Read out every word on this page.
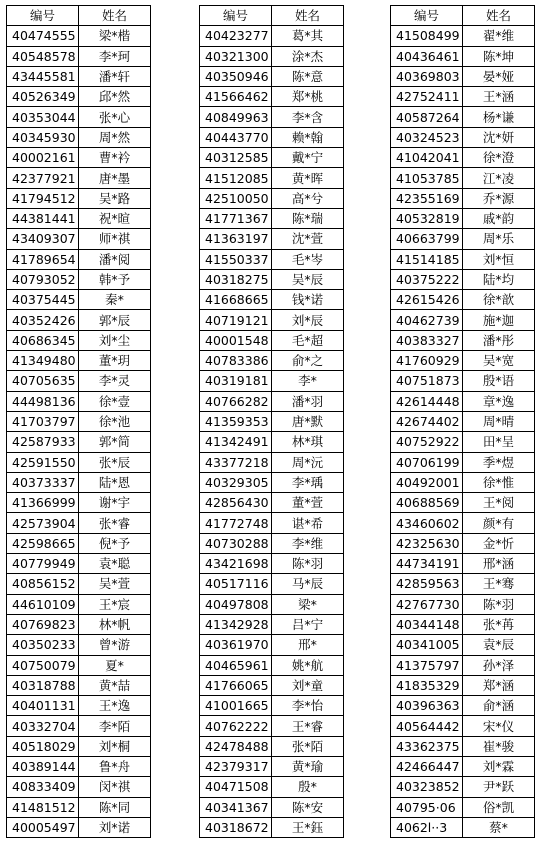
编号	姓名
40474555	梁*楷
40548578	李*珂
43445581	潘*轩
40526349	邱*然
40353044	张*心
40345930	周*然
40002161	曹*衿
42377921	唐*墨
41794512	吴*路
44381441	祝*暄
43409307	师*祺
41789654	潘*阅
40793052	韩*予
40375445	秦*
40352426	郭*辰
40686345	刘*尘
41349480	董*玥
40705635	李*灵
44498136	徐*壹
41703797	徐*池
42587933	郭*简
42591550	张*辰
40373337	陆*恩
41366999	谢*宇
42573904	张*睿
42598665	倪*予
40779949	袁*聪
40856152	吴*萱
44610109	王*宸
40769823	林*帆
40350233	曾*游
40750079	夏*
40318788	黄*喆
40401131	王*逸
40332704	李*陌
40518029	刘*桐
40389144	鲁*舟
40833409	闵*祺
41481512	陈*同
40005497	刘*诺
编号	姓名
40423277	葛*其
40321300	涂*杰
40350946	陈*意
41566462	郑*桃
40849963	李*含
40443770	赖*翰
40312585	戴*宁
41512085	黄*晖
42510050	高*兮
41771367	陈*瑞
41363197	沈*萱
41550337	毛*岑
40318275	吴*辰
41668665	钱*诺
40719121	刘*辰
40001548	毛*超
40783386	俞*之
40319181	李*
40766282	潘*羽
41359353	唐*默
41342491	林*琪
43377218	周*沅
40329305	李*瑀
42856430	董*萱
41772748	谌*希
40730288	李*维
43421698	陈*羽
40517116	马*辰
40497808	梁*
41342928	吕*宁
40361970	邢*
40465961	姚*航
41766065	刘*童
41001665	李*怡
40762222	王*睿
42478488	张*陌
42379317	黄*瑜
40471508	殷*
40341367	陈*安
40318672	王*鈺
编号	姓名
41508499	翟*维
40436461	陈*坤
40369803	晏*娅
42752411	王*涵
40587264	杨*谦
40324523	沈*妍
41042041	徐*澄
41053785	江*凌
42355169	乔*源
40532819	戚*韵
40663799	周*乐
41514185	刘*恒
40375222	陆*均
42615426	徐*歆
40462739	施*迦
40383327	潘*彤
41760929	吴*宽
40751873	殷*语
42614448	章*逸
42674402	周*晴
40752922	田*呈
40706199	季*煜
40492001	徐*惟
40688569	王*阅
43460602	颜*有
42325630	金*忻
44734191	邢*涵
42859563	王*骞
42767730	陈*羽
40344148	张*苒
40341005	袁*辰
41375797	孙*泽
41835329	郑*涵
40396363	俞*涵
40564442	宋*仪
43362375	崔*骏
42466447	刘*霖
40323852	尹*跃
40795·06	俗*凯
4062l··3	蔡*
